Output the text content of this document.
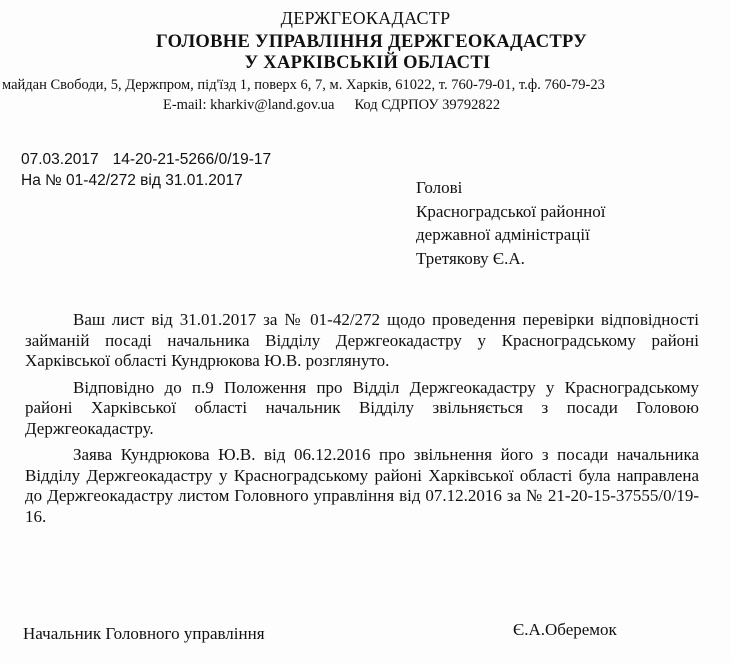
ДЕРЖГЕОКАДАСТР
ГОЛОВНЕ УПРАВЛІННЯ ДЕРЖГЕОКАДАСТРУ
У ХАРКІВСЬКІЙ ОБЛАСТІ
майдан Свободи, 5, Держпром, під'їзд 1, поверх 6, 7, м. Харків, 61022, т. 760-79-01, т.ф. 760-79-23
E-mail: kharkiv@land.gov.ua Код СДРПОУ 39792822
07.03.2017 14-20-21-5266/0/19-17
На № 01-42/272 від 31.01.2017	Голові
Красноградської районної
державної адміністрації
Третякову Є.А.

Ваш лист від 31.01.2017 за № 01-42/272 щодо проведення перевірки відповідності займаній посаді начальника Відділу Держгеокадастру у Красноградському районі Харківської області Кундрюкова Ю.В. розглянуто.

Відповідно до п.9 Положення про Відділ Держгеокадастру у Красноградському районі Харківської області начальник Відділу звільняється з посади Головою Держгеокадастру.

Заява Кундрюкова Ю.В. від 06.12.2016 про звільнення його з посади начальника Відділу Держгеокадастру у Красноградському районі Харківської області була направлена до Держгеокадастру листом Головного управління від 07.12.2016 за № 21-20-15-37555/0/19-16.

Начальник Головного управління	Є.А.Оберемок
